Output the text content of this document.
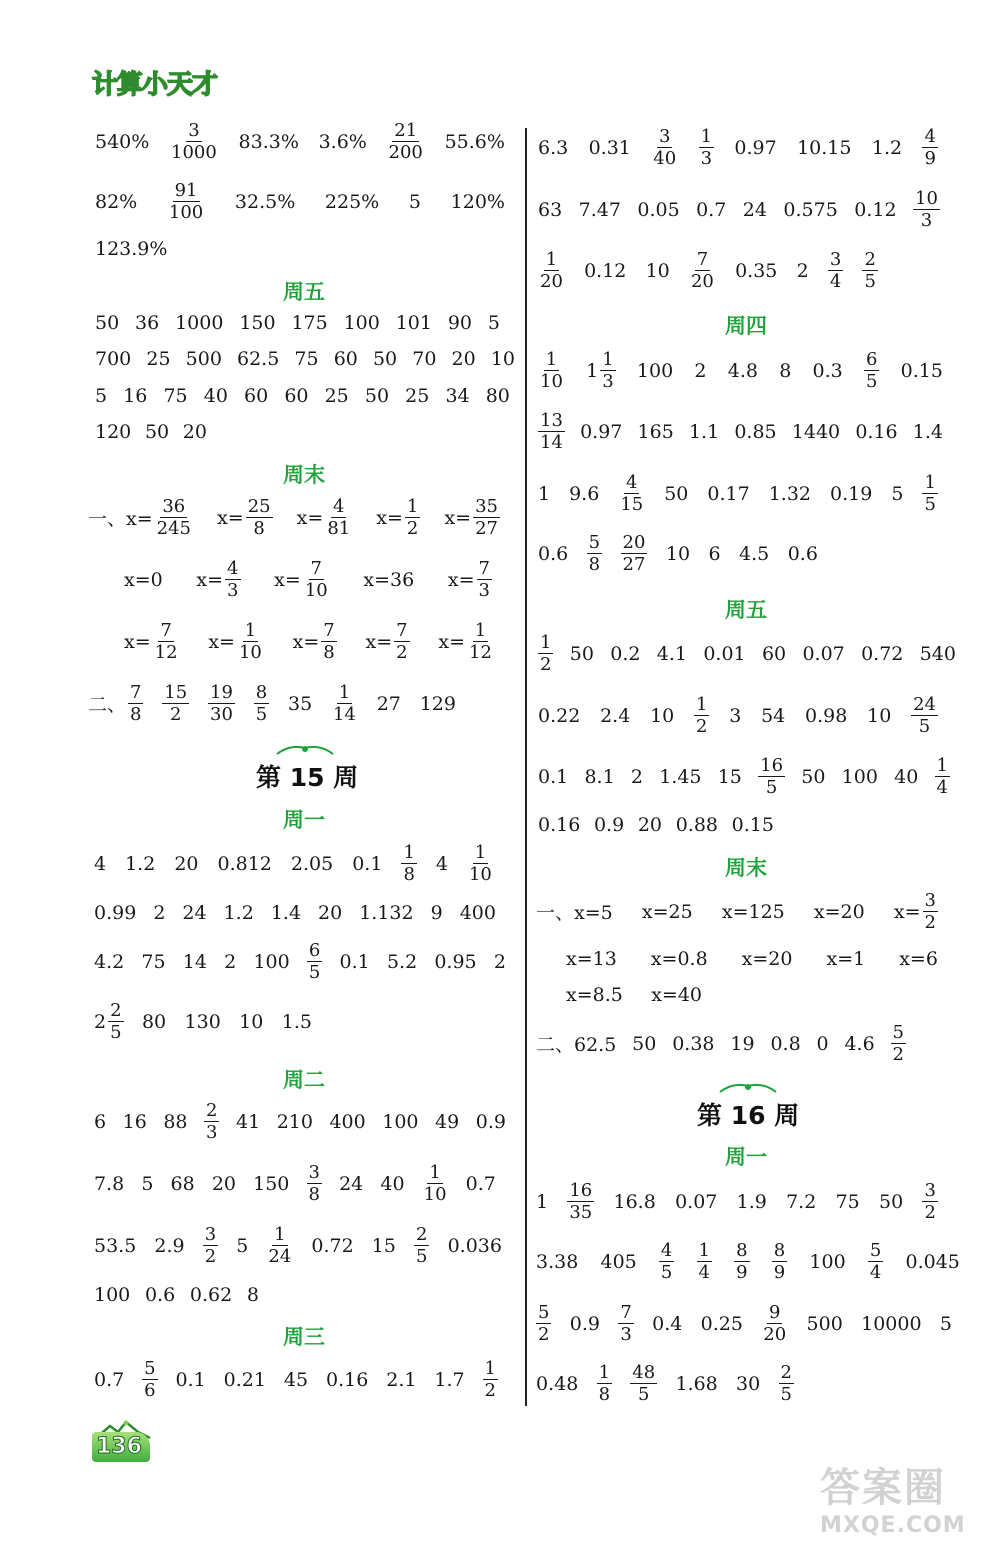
计算小天才
$540\% \frac{3}{1000} 83.3\%$ $3.6\% \frac{21}{200} 55.6\%$
$82\% \frac{91}{100} 32.5\%$ 225% 5 120%
123.9%
周五
50 36 1000 150 175 100 101 90 5
700 25 500 62.5 75 60 50 70 20 10
5 16 75 40 60 60 25 50 25 34 80
120 50 20
周末
一、$x= \frac{36}{245} x= \frac{25}{8} x= \frac{4}{81} x= \frac{1}{2} x= \frac{35}{27}$
x=0 $x= \frac{4}{3} x= \frac{7}{10} x=36$ $x= \frac{7}{3}$
$x= \frac{7}{12} x= \frac{1}{10} x= \frac{7}{8} x= \frac{7}{2} x= \frac{1}{12}$
二、 $\frac{7}{8} \frac{15}{2} \frac{19}{30} \frac{8}{5} 35 \frac{1}{14} 27$ 129
第 15 周
周一
4 1.2 20 0.812 2.05 $0.1 \frac{1}{8} 4 \frac{1}{10}$
0.99 2 24 1.2 1.4 20 1.132 9 400
4.2 75 14 2 $100 \frac{6}{5} 0.1$ 5.2 0.95 2
$2 \frac{2}{5} 80$ 130 10 1.5
周二
6 16 $88 \frac{2}{3} 41$ 210 400 100 49 0.9
7.8 5 68 20 $150 \frac{3}{8} 24$ $40 \frac{1}{10} 0.7$
53.5 $2.9 \frac{3}{2} 5 \frac{1}{24} 0.72$ $15 \frac{2}{5} 0.036$
100 0.6 0.62 8
周三
$0.7 \frac{5}{6} 0.1$ 0.21 45 0.16 2.1 $1.7 \frac{1}{2}$
6.3 $0.31 \frac{3}{40} \frac{1}{3} 0.97$ 10.15 $1.2 \frac{4}{9}$
63 7.47 0.05 0.7 24 0.575 $0.12 \frac{10}{3}$
$\frac{1}{20} 0.12$ $10 \frac{7}{20} 0.35$ $2 \frac{3}{4} \frac{2}{5}$
周四
$\frac{1}{10} 1 \frac{1}{3} 100$ 2 4.8 8 $0.3 \frac{6}{5} 0.15$
$\frac{13}{14} 0.97$ 165 1.1 0.85 1440 0.16 1.4
1 $9.6 \frac{4}{15} 50$ 0.17 1.32 0.19 $5 \frac{1}{5}$
$0.6 \frac{5}{8} \frac{20}{27} 10$ 6 4.5 0.6
周五
$\frac{1}{2} 50$ 0.2 4.1 0.01 60 0.07 0.72 540
0.22 2.4 $10 \frac{1}{2} 3$ 54 0.98 $10 \frac{24}{5}$
0.1 8.1 2 1.45 $15 \frac{16}{5} 50$ 100 $40 \frac{1}{4}$
0.16 0.9 20 0.88 0.15
周末
一、x=5 x=25 x=125 x=20 $x= \frac{3}{2}$
x=13 x=0.8 x=20 x=1 x=6
x=8.5 x=40
二、62.5 50 0.38 19 0.8 0 $4.6 \frac{5}{2}$
第 16 周
周一
$1 \frac{16}{35} 16.8$ 0.07 1.9 7.2 75 $50 \frac{3}{2}$
3.38 $405 \frac{4}{5} \frac{1}{4} \frac{8}{9} \frac{8}{9} 100 \frac{5}{4} 0.045$
$\frac{5}{2} 0.9 \frac{7}{3} 0.4$ $0.25 \frac{9}{20} 500$ 10000 5
$0.48 \frac{1}{8} \frac{48}{5} 1.68$ $30 \frac{2}{5}$
136
答案圈
MXQE.COM
